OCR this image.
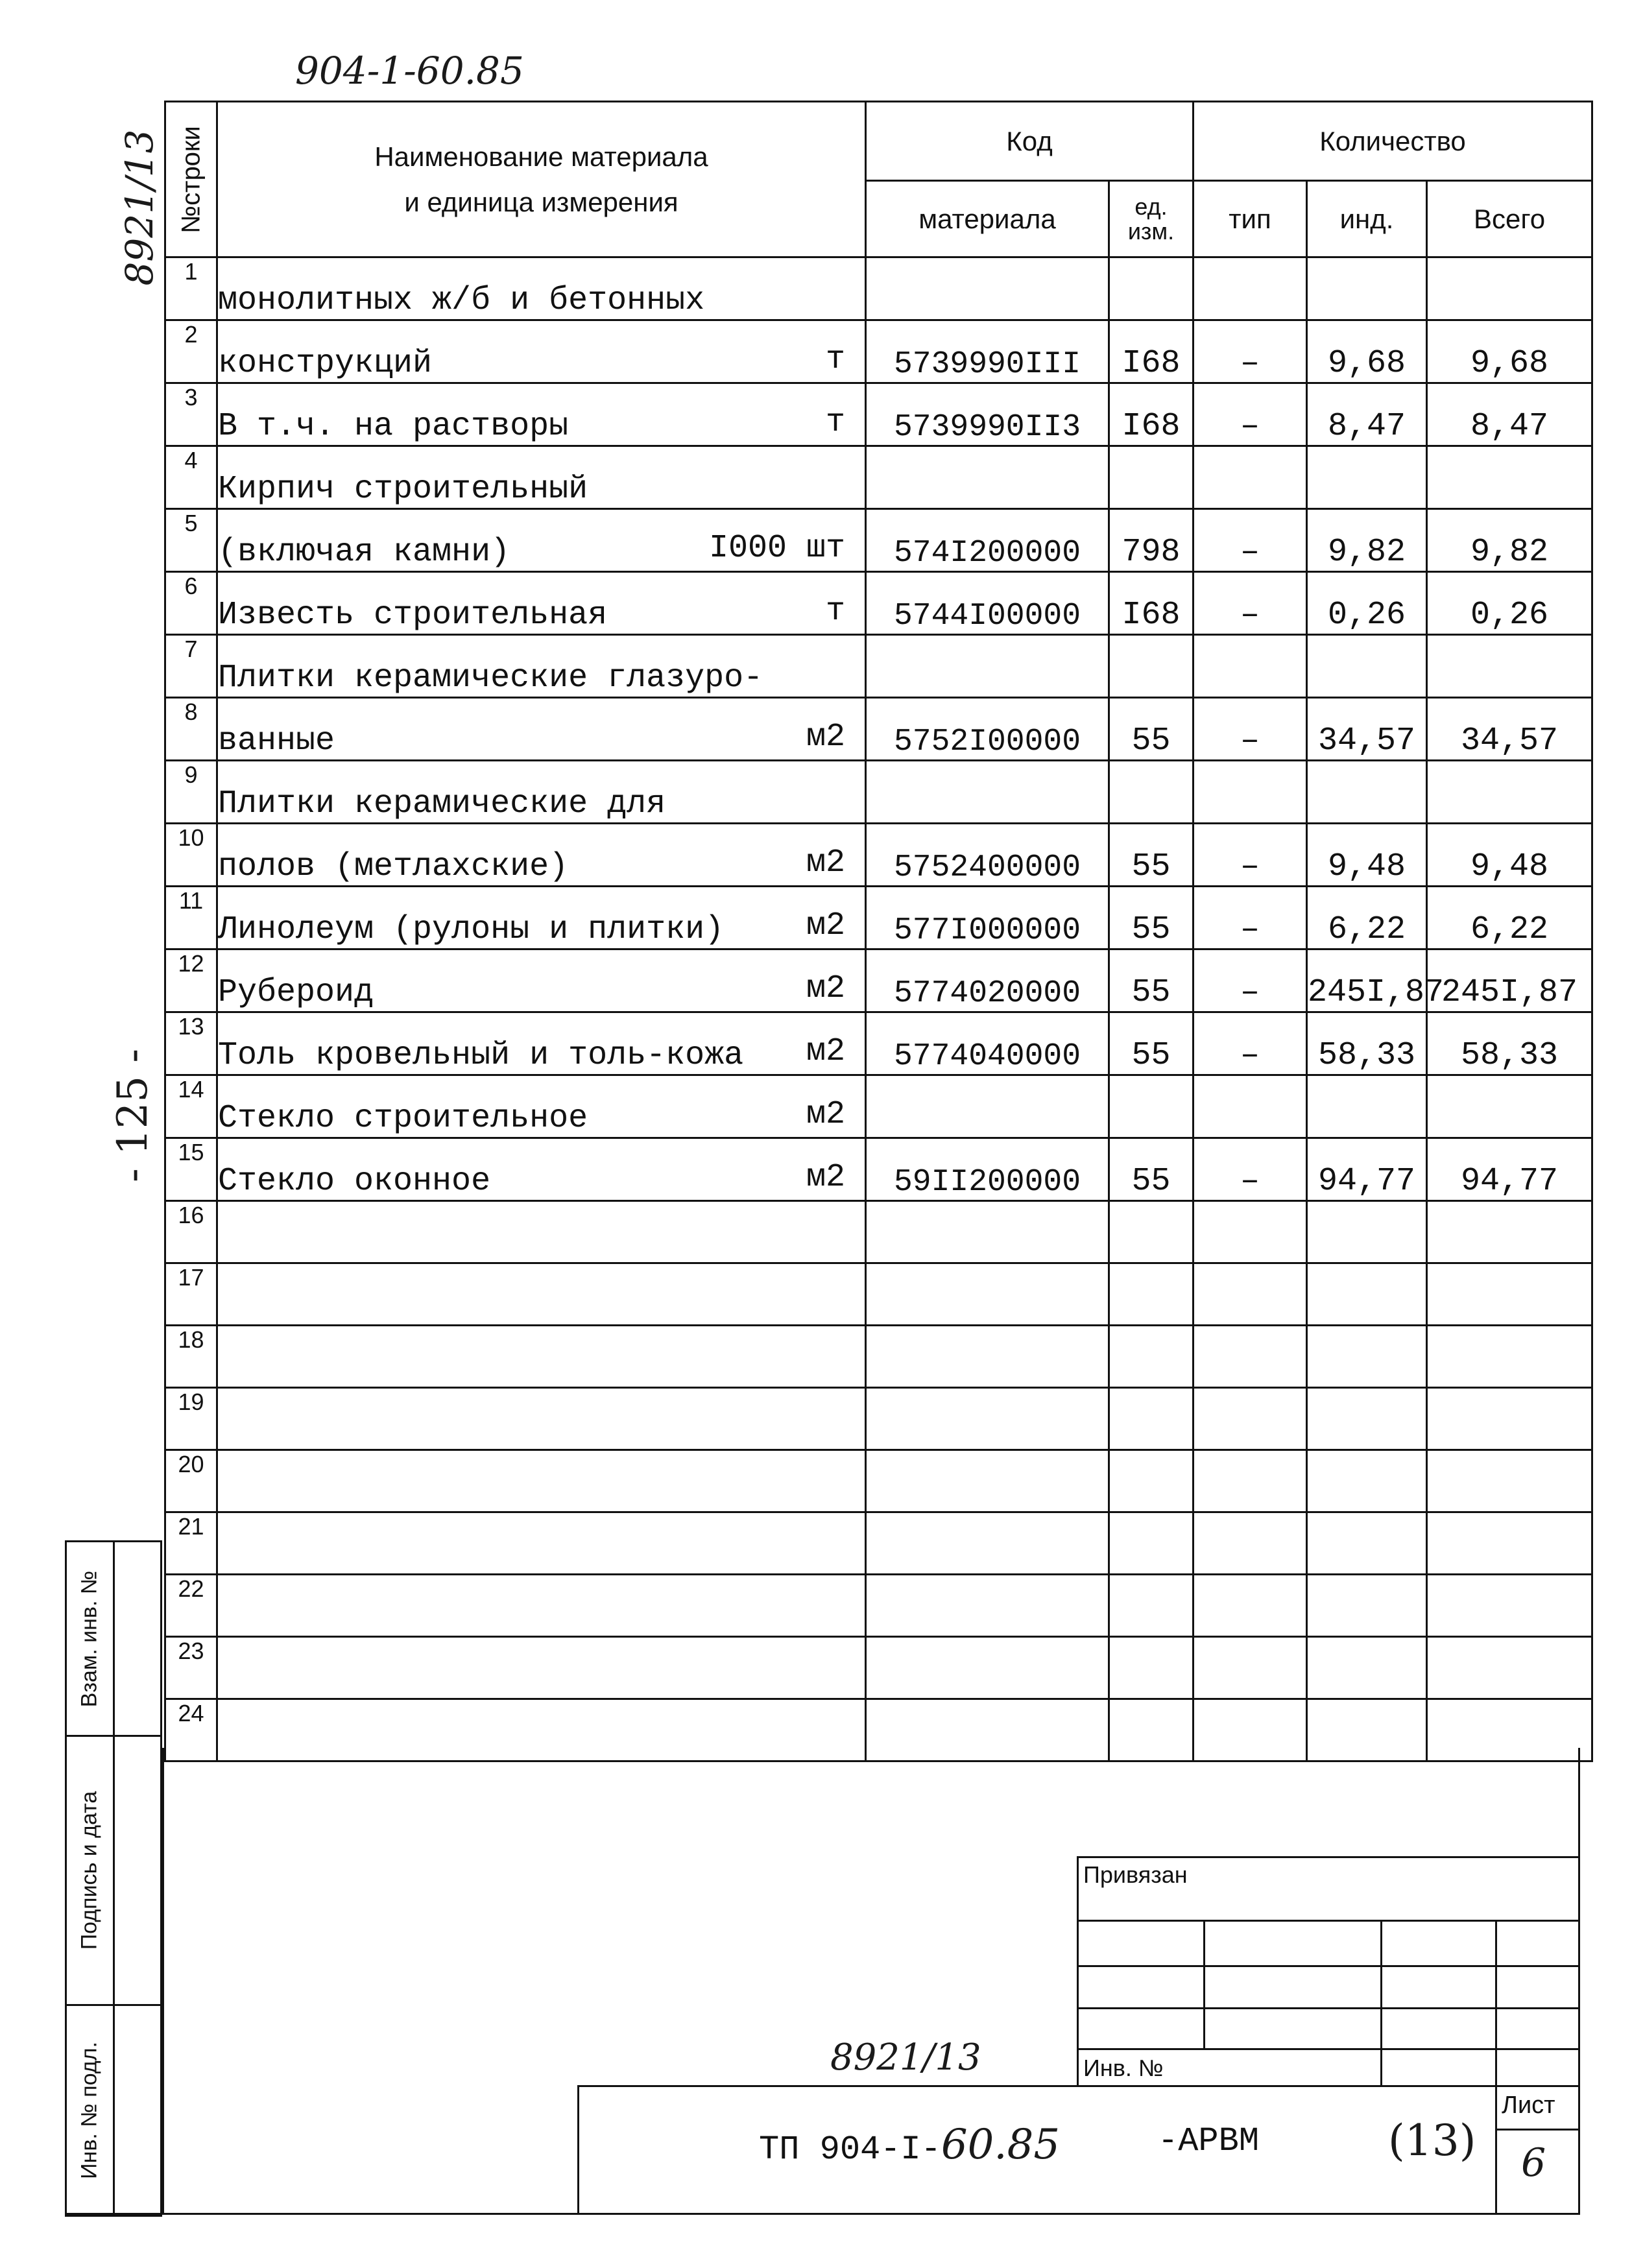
904-1-60.85
8921/13
- 125 -
№строки	Наименование материала
и единица измерения	Код		Количество		
		материала	ед. изм.	тип	инд.	Всего
1	монолитных ж/б и бетонных

2	конструкций т	5739990III	I68	–	9,68	9,68
3	В т.ч. на растворы т	5739990II3	I68	–	8,47	8,47
4	Кирпич строительный

5	(включая камни) I000 шт	574I200000	798	–	9,82	9,82
6	Известь строительная т	5744I00000	I68	–	0,26	0,26
7	Плитки керамические глазуро-

8	ванные м2	5752I00000	55	–	34,57	34,57
9	Плитки керамические для

10	полов (метлахские) м2	5752400000	55	–	9,48	9,48
11	Линолеум (рулоны и плитки) м2	577I000000	55	–	6,22	6,22
12	Рубероид м2	5774020000	55	–	245I,87	245I,87
13	Толь кровельный и толь-кожа м2	5774040000	55	–	58,33	58,33
14	Стекло строительное м2					

15	Стекло оконное м2	59II200000	55	–	94,77	94,77
16	

17	

18	

19	

20	

21	

22	

23	

24	

Взам. инв. №	

Подпись и дата	

Инв. № подл.	

Привязан
Инв. №
8921/13
ТП 904-I-60.85	-АРВМ	(13)
Лист
6
